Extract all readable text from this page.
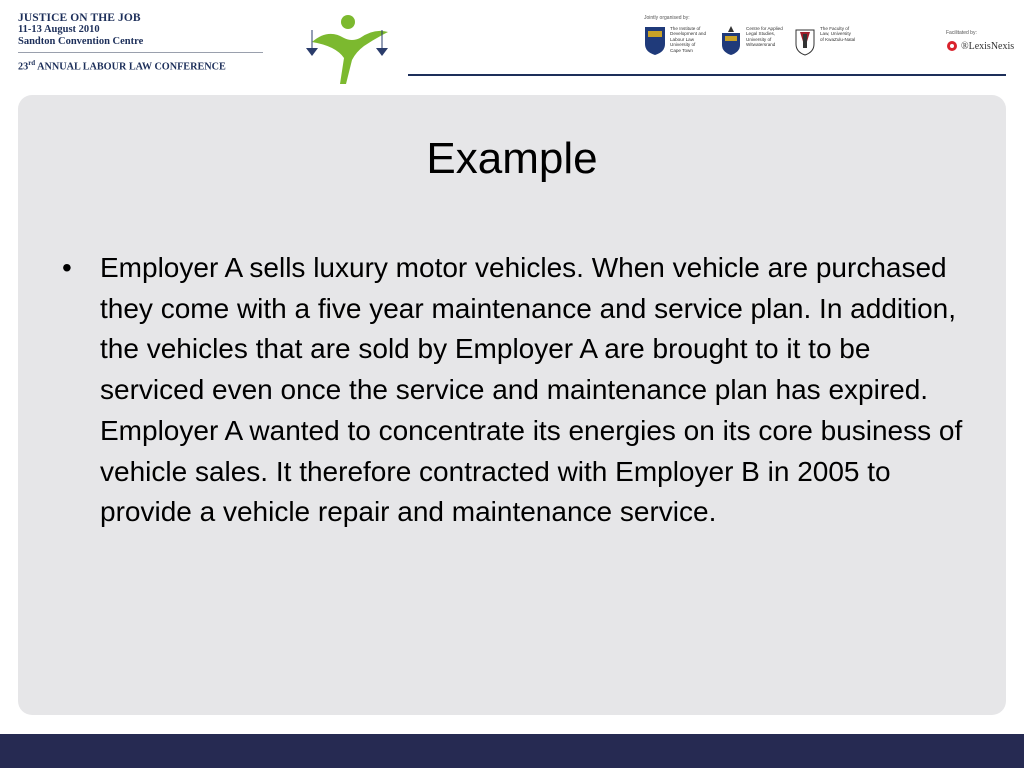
JUSTICE ON THE JOB
11-13 August 2010
Sandton Convention Centre
23rd ANNUAL LABOUR LAW CONFERENCE
Jointly organised by:
The Institute of
Development and
Labour Law
University of
Cape Town
Centre for Applied
Legal Studies,
University of
Witwatersrand
The Faculty of
Law, University
of KwaZulu-Natal
Facilitated by:
®LexisNexis
Example
•	Employer A sells luxury motor vehicles. When vehicle are purchased they come with a five year maintenance and service plan. In addition, the vehicles that are sold by Employer A are brought to it to be serviced even once the service and maintenance plan has expired. Employer A wanted to concentrate its energies on its core business of vehicle sales. It therefore contracted with Employer B in 2005 to provide a vehicle repair and maintenance service.
